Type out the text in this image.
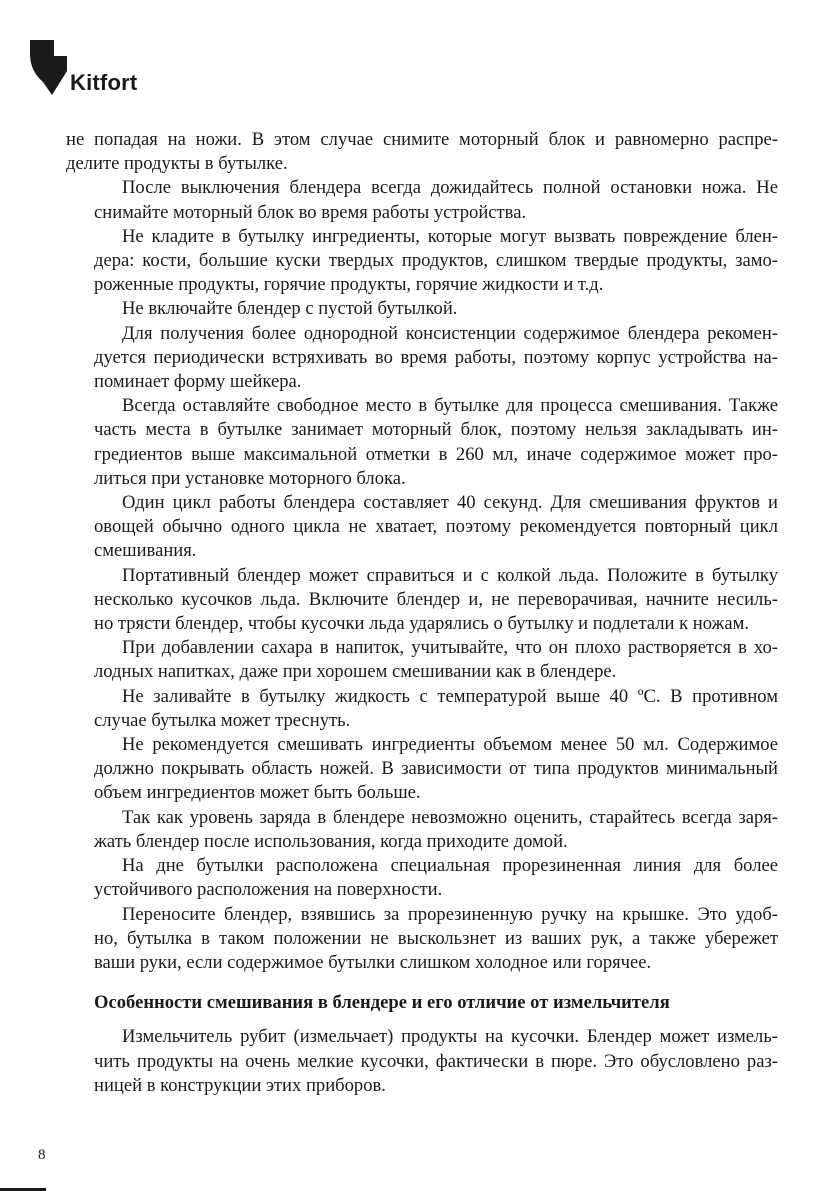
Kitfort
не попадая на ножи. В этом случае снимите моторный блок и равномерно распре-
делите продукты в бутылке.
После выключения блендера всегда дожидайтесь полной остановки ножа. Не
снимайте моторный блок во время работы устройства.
Не кладите в бутылку ингредиенты, которые могут вызвать повреждение блен-
дера: кости, большие куски твердых продуктов, слишком твердые продукты, замо-
роженные продукты, горячие продукты, горячие жидкости и т.д.
Не включайте блендер с пустой бутылкой.
Для получения более однородной консистенции содержимое блендера рекомен-
дуется периодически встряхивать во время работы, поэтому корпус устройства на-
поминает форму шейкера.
Всегда оставляйте свободное место в бутылке для процесса смешивания. Также
часть места в бутылке занимает моторный блок, поэтому нельзя закладывать ин-
гредиентов выше максимальной отметки в 260 мл, иначе содержимое может про-
литься при установке моторного блока.
Один цикл работы блендера составляет 40 секунд. Для смешивания фруктов и
овощей обычно одного цикла не хватает, поэтому рекомендуется повторный цикл
смешивания.
Портативный блендер может справиться и с колкой льда. Положите в бутылку
несколько кусочков льда. Включите блендер и, не переворачивая, начните несиль-
но трясти блендер, чтобы кусочки льда ударялись о бутылку и подлетали к ножам.
При добавлении сахара в напиток, учитывайте, что он плохо растворяется в хо-
лодных напитках, даже при хорошем смешивании как в блендере.
Не заливайте в бутылку жидкость с температурой выше 40 ºС. В противном
случае бутылка может треснуть.
Не рекомендуется смешивать ингредиенты объемом менее 50 мл. Содержимое
должно покрывать область ножей. В зависимости от типа продуктов минимальный
объем ингредиентов может быть больше.
Так как уровень заряда в блендере невозможно оценить, старайтесь всегда заря-
жать блендер после использования, когда приходите домой.
На дне бутылки расположена специальная прорезиненная линия для более
устойчивого расположения на поверхности.
Переносите блендер, взявшись за прорезиненную ручку на крышке. Это удоб-
но, бутылка в таком положении не выскользнет из ваших рук, а также убережет
ваши руки, если содержимое бутылки слишком холодное или горячее.
Особенности смешивания в блендере и его отличие от измельчителя
Измельчитель рубит (измельчает) продукты на кусочки. Блендер может измель-
чить продукты на очень мелкие кусочки, фактически в пюре. Это обусловлено раз-
ницей в конструкции этих приборов.
8
